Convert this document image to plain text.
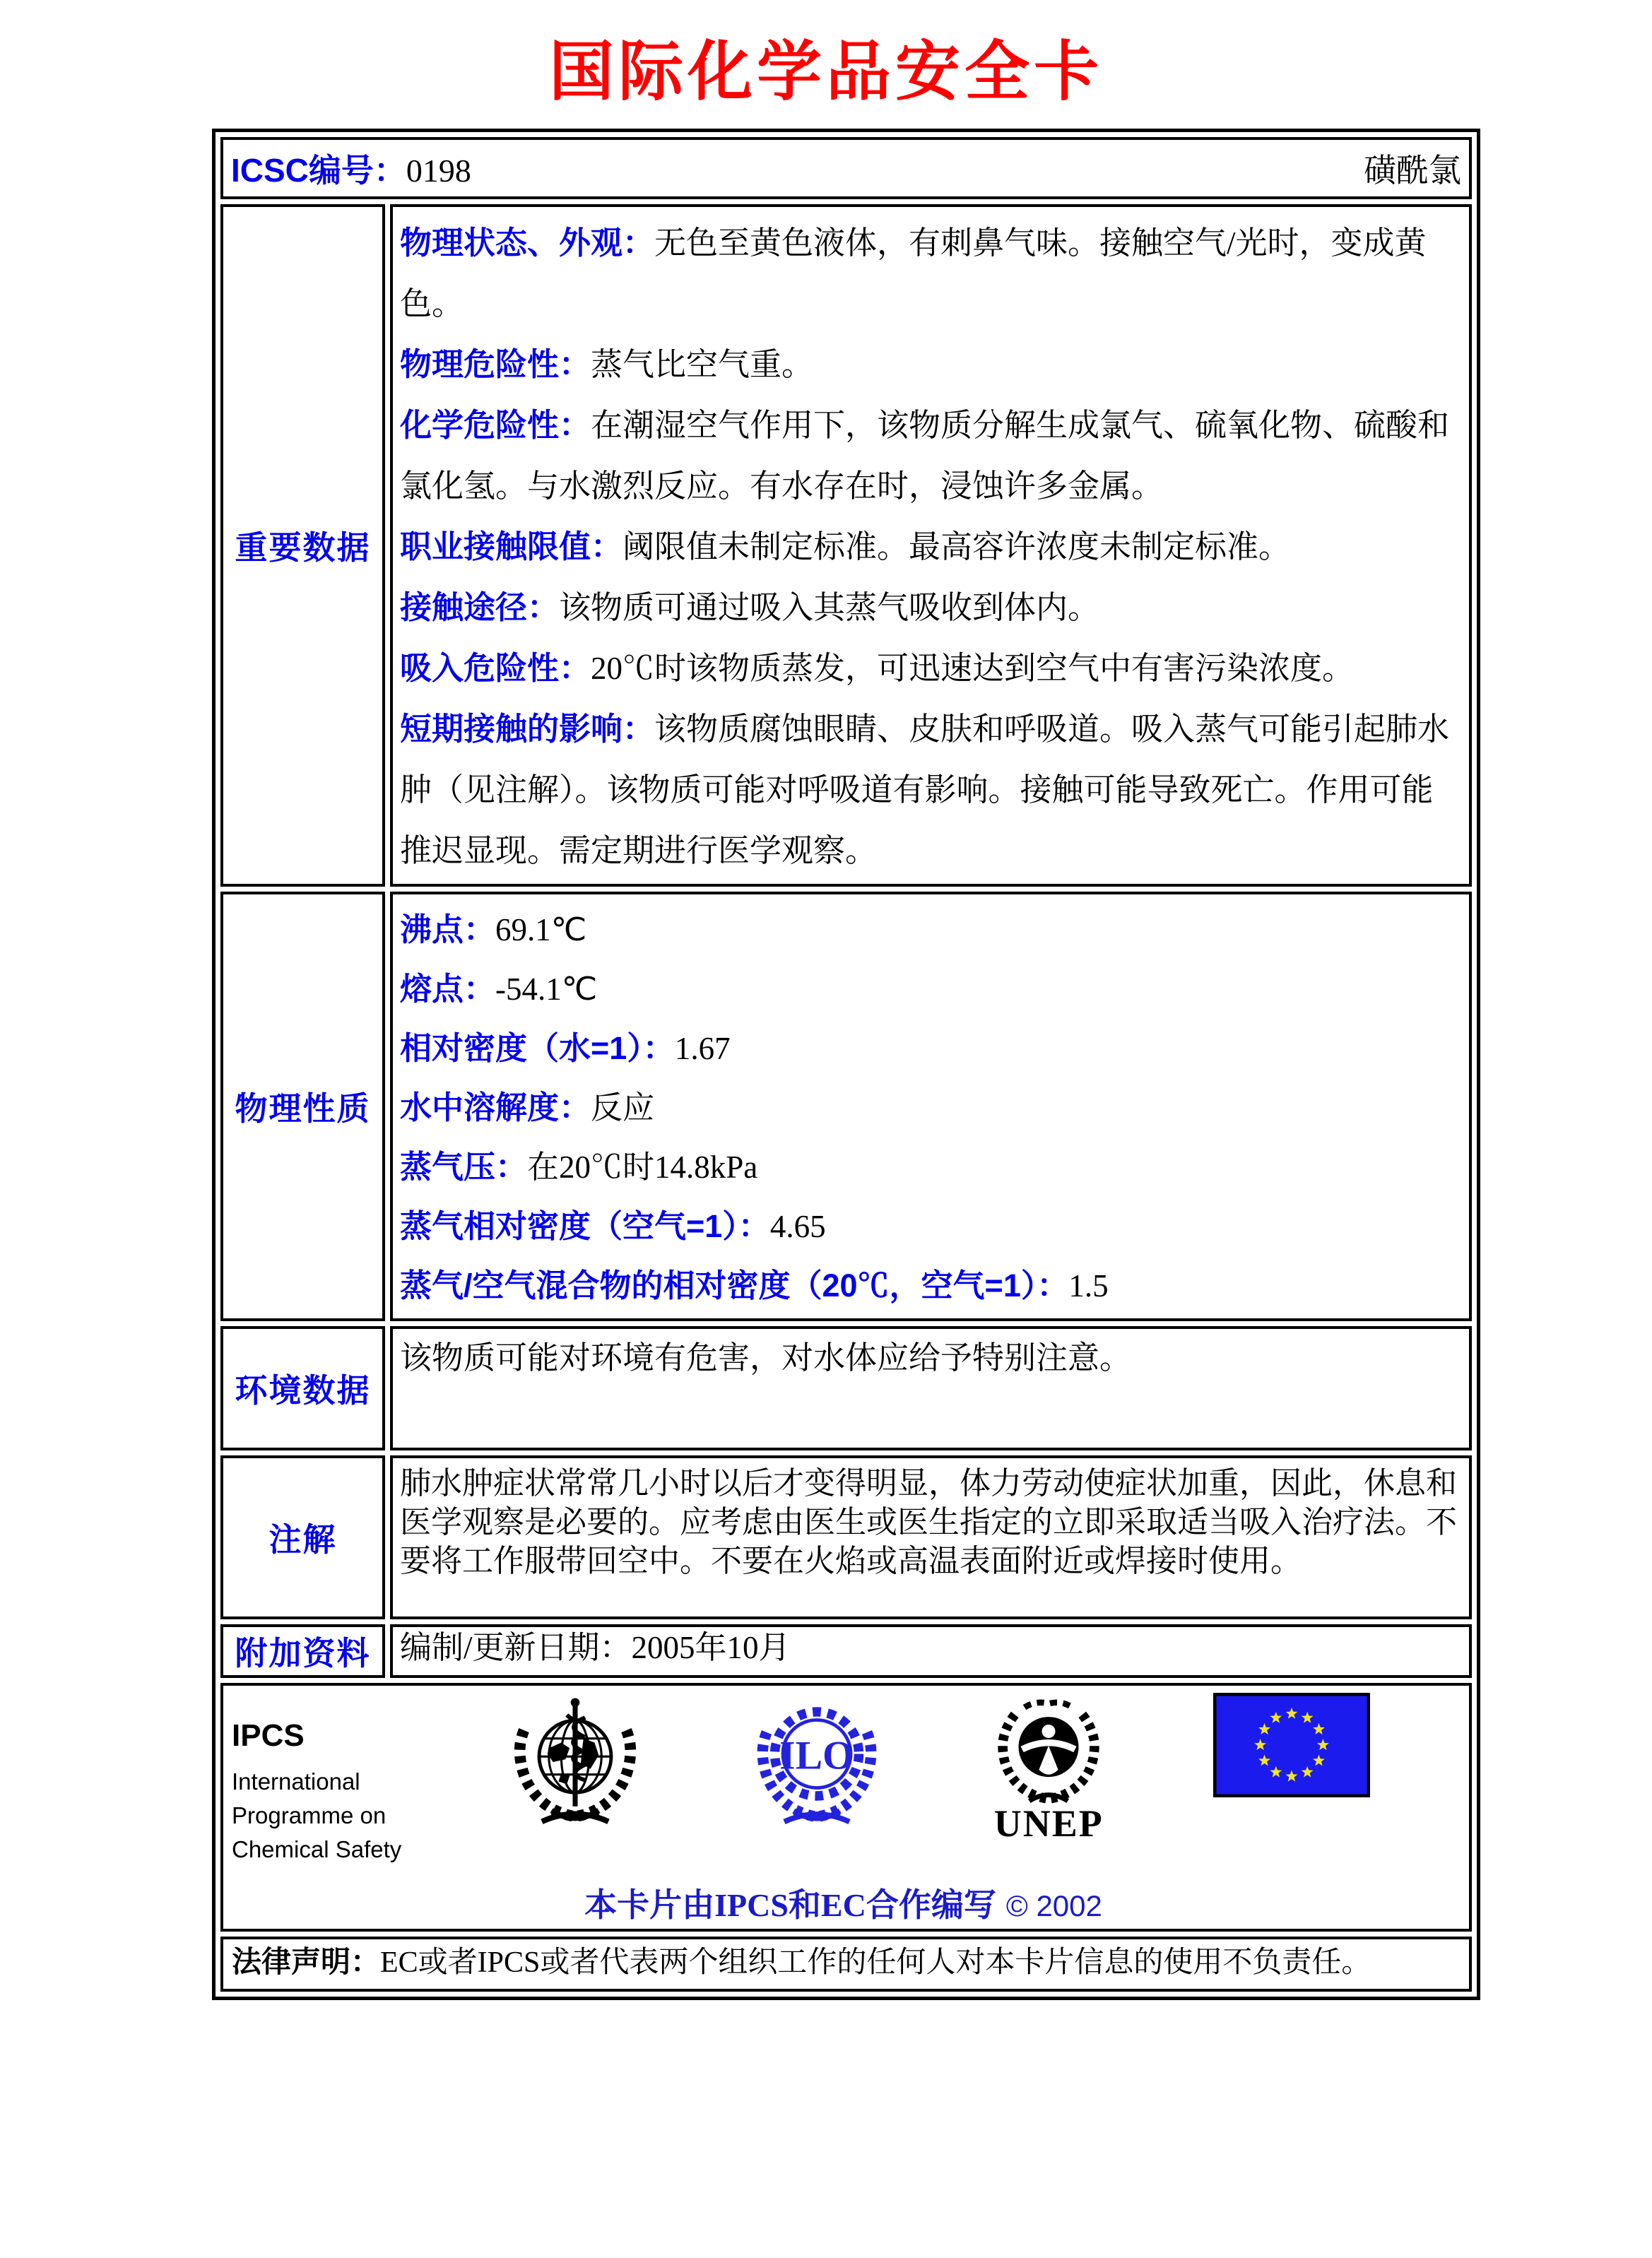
国际化学品安全卡
ICSC编号：0198 磺酰氯	

重要数据	
物理状态、外观：无色至黄色液体，有刺鼻气味。接触空气/光时，变成黄色。
物理危险性：蒸气比空气重。
化学危险性：在潮湿空气作用下，该物质分解生成氯气、硫氧化物、硫酸和氯化氢。与水激烈反应。有水存在时，浸蚀许多金属。
职业接触限值：阈限值未制定标准。最高容许浓度未制定标准。
接触途径：该物质可通过吸入其蒸气吸收到体内。
吸入危险性：20℃时该物质蒸发，可迅速达到空气中有害污染浓度。
短期接触的影响：该物质腐蚀眼睛、皮肤和呼吸道。吸入蒸气可能引起肺水肿（见注解）。该物质可能对呼吸道有影响。接触可能导致死亡。作用可能推迟显现。需定期进行医学观察。

物理性质	
沸点：69.1℃
熔点：-54.1℃
相对密度（水=1）：1.67
水中溶解度：反应
蒸气压：在20℃时14.8kPa
蒸气相对密度（空气=1）：4.65
蒸气/空气混合物的相对密度（20℃，空气=1）：1.5

环境数据	该物质可能对环境有危害，对水体应给予特别注意。

注解	肺水肿症状常常几小时以后才变得明显，体力劳动使症状加重，因此，休息和医学观察是必要的。应考虑由医生或医生指定的立即采取适当吸入治疗法。不要将工作服带回空中。不要在火焰或高温表面附近或焊接时使用。

附加资料	编制/更新日期：2005年10月

IPCS
International
Programme on
Chemical Safety
ILO
UNEP
本卡片由IPCS和EC合作编写 © 2002

法律声明：EC或者IPCS或者代表两个组织工作的任何人对本卡片信息的使用不负责任。	
